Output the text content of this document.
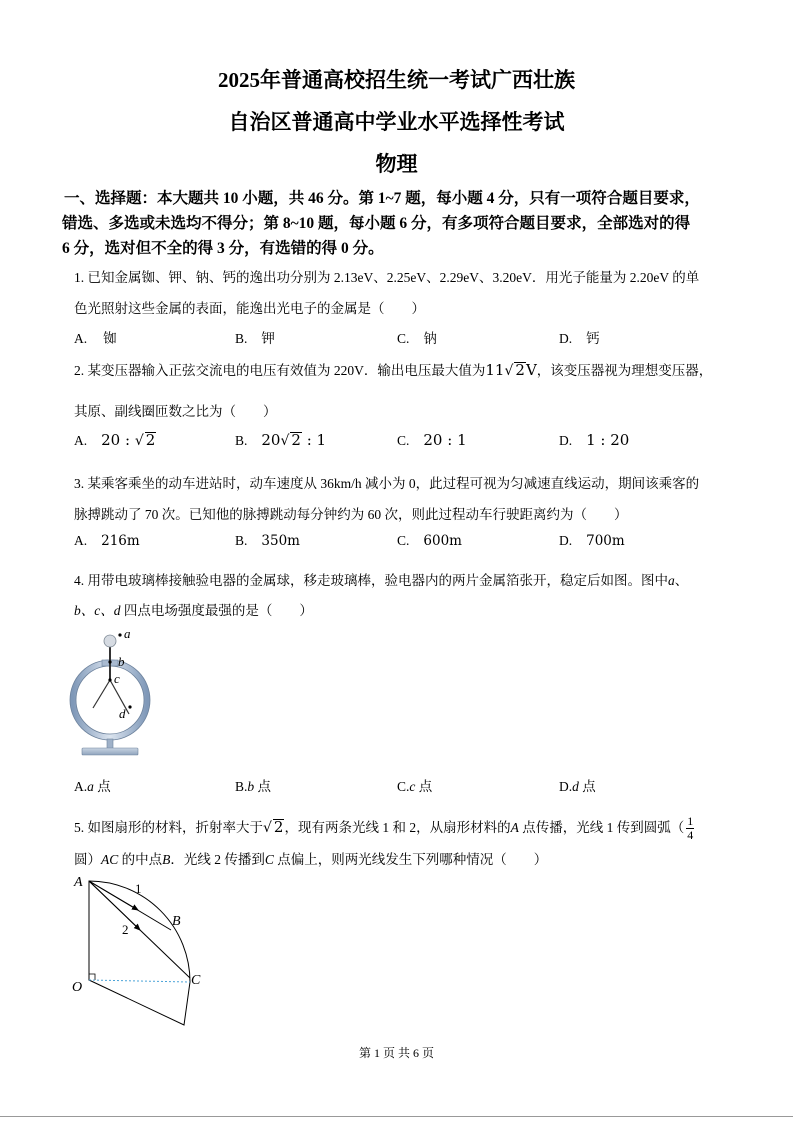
2025年普通高校招生统一考试广西壮族
自治区普通高中学业水平选择性考试
物理
一、选择题：本大题共 10 小题，共 46 分。第 1~7 题，每小题 4 分，只有一项符合题目要求，
错选、多选或未选均不得分；第 8~10 题，每小题 6 分，有多项符合题目要求，全部选对的得
6 分，选对但不全的得 3 分，有选错的得 0 分。
1. 已知金属铷、钾、钠、钙的逸出功分别为 2.13eV、2.25eV、2.29eV、3.20eV．用光子能量为 2.20eV 的单
色光照射这些金属的表面，能逸出光电子的金属是（　　）
A. 铷	B. 钾	C. 钠	D. 钙
2. 某变压器输入正弦交流电的电压有效值为 220V．输出电压最大值为11√ 2V，该变压器视为理想变压器，
其原、副线圈匝数之比为（　　）
A. 20 : √ 2	B. 20√ 2 : 1	C. 20 : 1	D. 1 : 20
3. 某乘客乘坐的动车进站时，动车速度从 36km/h 减小为 0，此过程可视为匀减速直线运动，期间该乘客的
脉搏跳动了 70 次。已知他的脉搏跳动每分钟约为 60 次，则此过程动车行驶距离约为（　　）
A. 216m	B. 350m	C. 600m	D. 700m
4. 用带电玻璃棒接触验电器的金属球，移走玻璃棒，验电器内的两片金属箔张开，稳定后如图。图中a、
b、c、d 四点电场强度最强的是（　　）
a
b
c
d
A.a 点	B.b 点	C.c 点	D.d 点
5. 如图扇形的材料，折射率大于√ 2，现有两条光线 1 和 2，从扇形材料的A 点传播，光线 1 传到圆弧（ $\frac{1}{4}$
圆）AC 的中点B．光线 2 传播到C 点偏上，则两光线发生下列哪种情况（　　）
A
B
C
O
1
2
第 1 页 共 6 页
